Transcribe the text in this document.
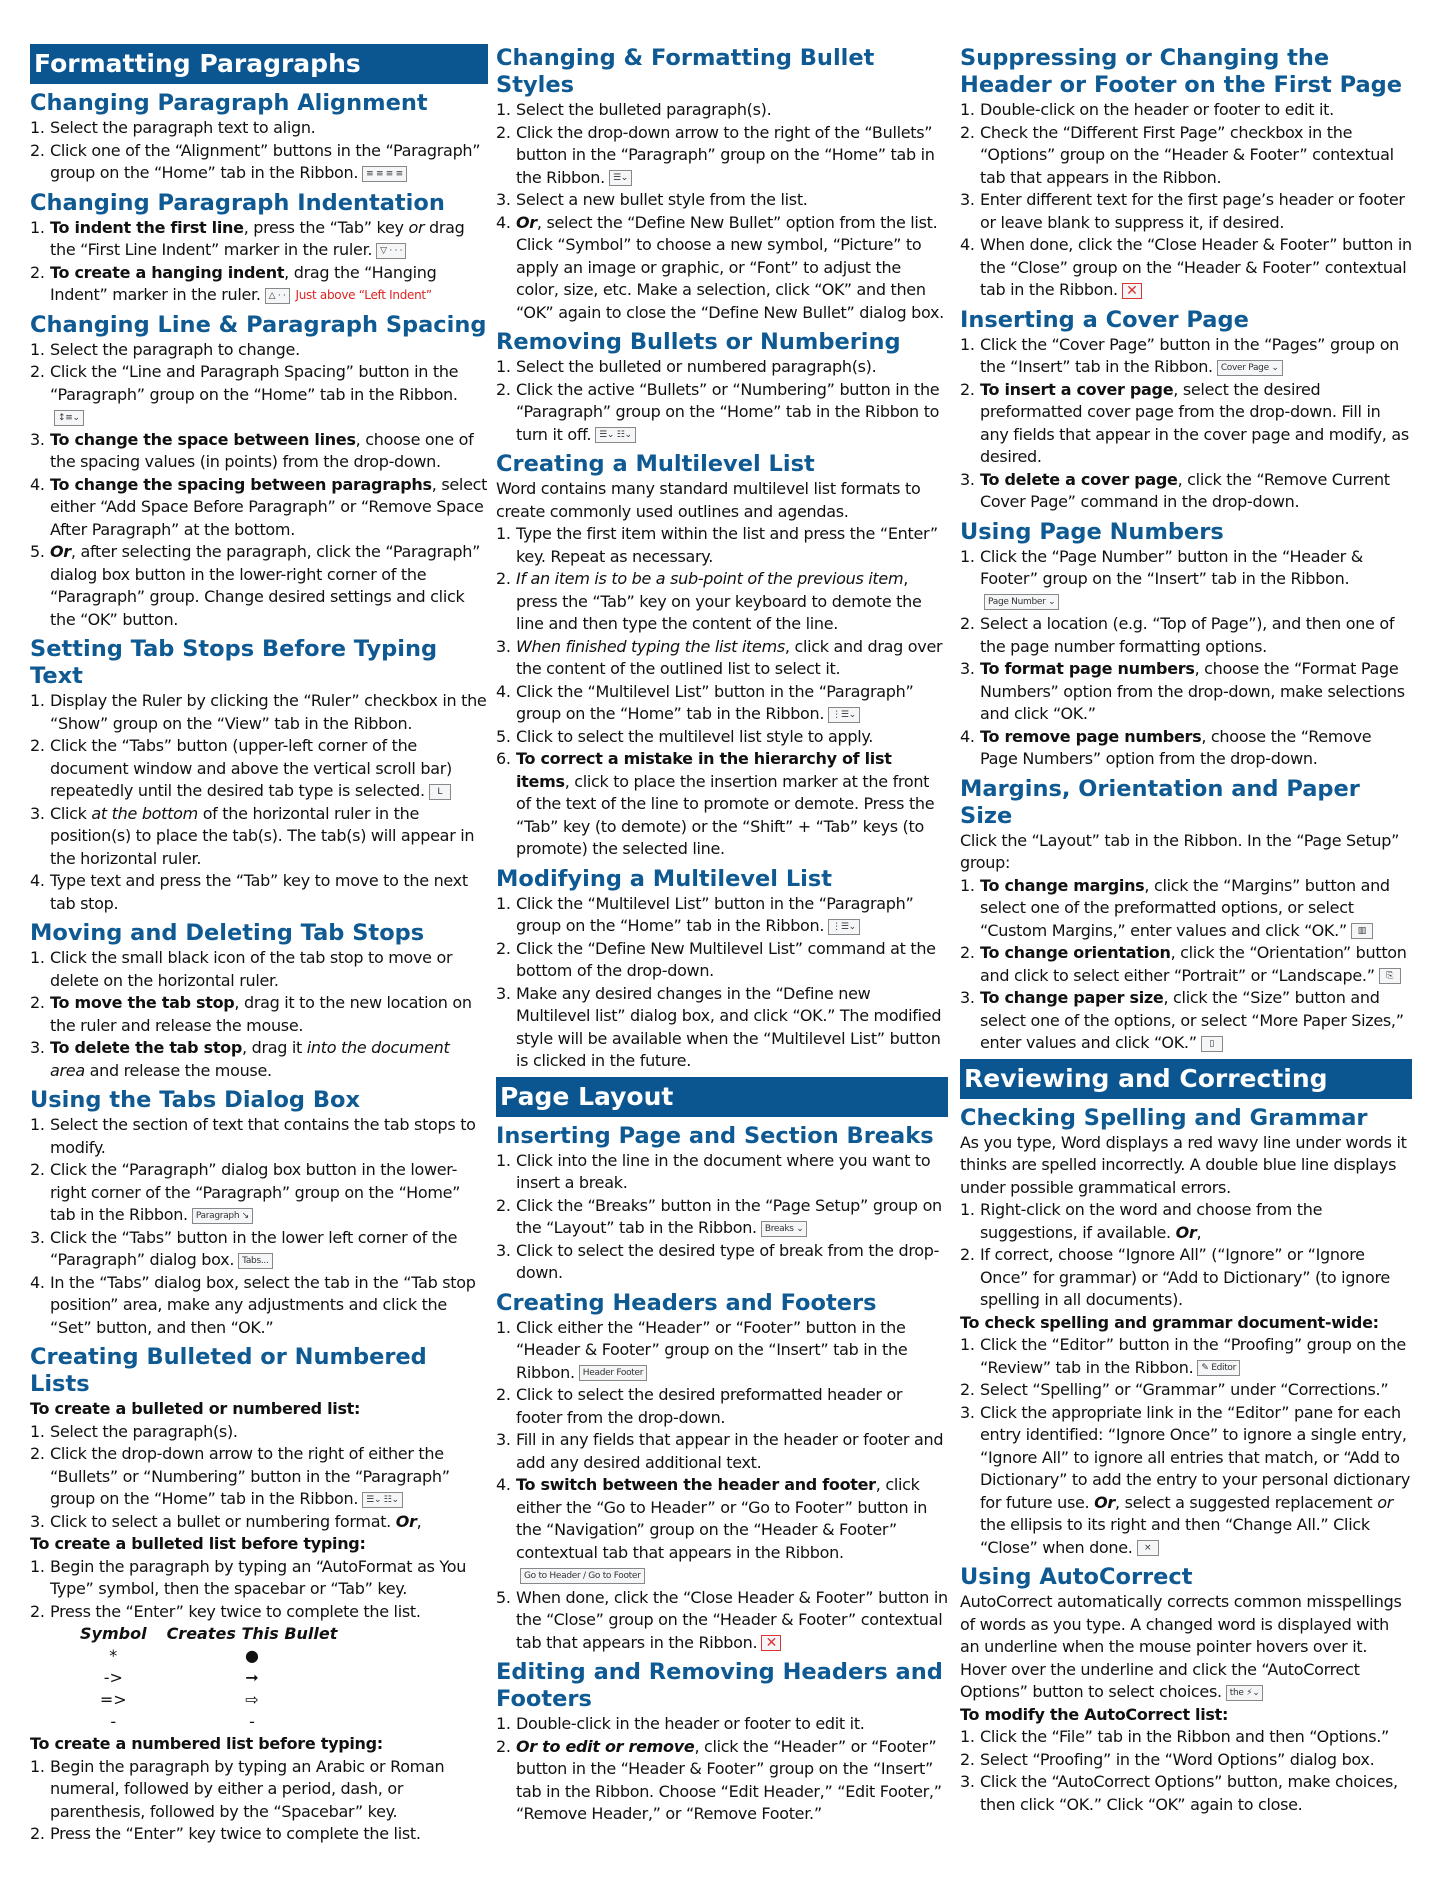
Formatting Paragraphs
Changing Paragraph Alignment
Select the paragraph text to align.
Click one of the “Alignment” buttons in the “Paragraph” group on the “Home” tab in the Ribbon. ≡ ≡ ≡ ≡
Changing Paragraph Indentation
To indent the first line, press the “Tab” key or drag the “First Line Indent” marker in the ruler. ▽ · · ·
To create a hanging indent, drag the “Hanging Indent” marker in the ruler. △ · · Just above “Left Indent”
Changing Line & Paragraph Spacing
Select the paragraph to change.
Click the “Line and Paragraph Spacing” button in the “Paragraph” group on the “Home” tab in the Ribbon.↕≡⌄
To change the space between lines, choose one of the spacing values (in points) from the drop-down.
To change the spacing between paragraphs, select either “Add Space Before Paragraph” or “Remove Space After Paragraph” at the bottom.
Or, after selecting the paragraph, click the “Paragraph” dialog box button in the lower-right corner of the “Paragraph” group. Change desired settings and click the “OK” button.
Setting Tab Stops Before Typing Text
Display the Ruler by clicking the “Ruler” checkbox in the “Show” group on the “View” tab in the Ribbon.
Click the “Tabs” button (upper-left corner of the document window and above the vertical scroll bar) repeatedly until the desired tab type is selected. L
Click at the bottom of the horizontal ruler in the position(s) to place the tab(s). The tab(s) will appear in the horizontal ruler.
Type text and press the “Tab” key to move to the next tab stop.
Moving and Deleting Tab Stops
Click the small black icon of the tab stop to move or delete on the horizontal ruler.
To move the tab stop, drag it to the new location on the ruler and release the mouse.
To delete the tab stop, drag it into the document area and release the mouse.
Using the Tabs Dialog Box
Select the section of text that contains the tab stops to modify.
Click the “Paragraph” dialog box button in the lower-right corner of the “Paragraph” group on the “Home” tab in the Ribbon. Paragraph ↘
Click the “Tabs” button in the lower left corner of the “Paragraph” dialog box. Tabs...
In the “Tabs” dialog box, select the tab in the “Tab stop position” area, make any adjustments and click the “Set” button, and then “OK.”
Creating Bulleted or Numbered Lists
To create a bulleted or numbered list:
Select the paragraph(s).
Click the drop-down arrow to the right of either the “Bullets” or “Numbering” button in the “Paragraph” group on the “Home” tab in the Ribbon. ☰⌄ ☷⌄
Click to select a bullet or numbering format. Or,
To create a bulleted list before typing:
Begin the paragraph by typing an “AutoFormat as You Type” symbol, then the spacebar or “Tab” key.
Press the “Enter” key twice to complete the list.
Symbol	Creates This Bullet
*	●
->	➞
=>	⇨
-	-
To create a numbered list before typing:
Begin the paragraph by typing an Arabic or Roman numeral, followed by either a period, dash, or parenthesis, followed by the “Spacebar” key.
Press the “Enter” key twice to complete the list.
Changing & Formatting Bullet Styles
Select the bulleted paragraph(s).
Click the drop-down arrow to the right of the “Bullets” button in the “Paragraph” group on the “Home” tab in the Ribbon. ☰⌄
Select a new bullet style from the list.
Or, select the “Define New Bullet” option from the list. Click “Symbol” to choose a new symbol, “Picture” to apply an image or graphic, or “Font” to adjust the color, size, etc. Make a selection, click “OK” and then “OK” again to close the “Define New Bullet” dialog box.
Removing Bullets or Numbering
Select the bulleted or numbered paragraph(s).
Click the active “Bullets” or “Numbering” button in the “Paragraph” group on the “Home” tab in the Ribbon to turn it off. ☰⌄ ☷⌄
Creating a Multilevel List
Word contains many standard multilevel list formats to create commonly used outlines and agendas.
Type the first item within the list and press the “Enter” key. Repeat as necessary.
If an item is to be a sub-point of the previous item, press the “Tab” key on your keyboard to demote the line and then type the content of the line.
When finished typing the list items, click and drag over the content of the outlined list to select it.
Click the “Multilevel List” button in the “Paragraph” group on the “Home” tab in the Ribbon. ⋮☰⌄
Click to select the multilevel list style to apply.
To correct a mistake in the hierarchy of list items, click to place the insertion marker at the front of the text of the line to promote or demote. Press the “Tab” key (to demote) or the “Shift” + “Tab” keys (to promote) the selected line.
Modifying a Multilevel List
Click the “Multilevel List” button in the “Paragraph” group on the “Home” tab in the Ribbon. ⋮☰⌄
Click the “Define New Multilevel List” command at the bottom of the drop-down.
Make any desired changes in the “Define new Multilevel list” dialog box, and click “OK.” The modified style will be available when the “Multilevel List” button is clicked in the future.
Page Layout
Inserting Page and Section Breaks
Click into the line in the document where you want to insert a break.
Click the “Breaks” button in the “Page Setup” group on the “Layout” tab in the Ribbon. Breaks ⌄
Click to select the desired type of break from the drop-down.
Creating Headers and Footers
Click either the “Header” or “Footer” button in the “Header & Footer” group on the “Insert” tab in the Ribbon. Header Footer
Click to select the desired preformatted header or footer from the drop-down.
Fill in any fields that appear in the header or footer and add any desired additional text.
To switch between the header and footer, click either the “Go to Header” or “Go to Footer” button in the “Navigation” group on the “Header & Footer” contextual tab that appears in the Ribbon.Go to Header / Go to Footer
When done, click the “Close Header & Footer” button in the “Close” group on the “Header & Footer” contextual tab that appears in the Ribbon. ✕
Editing and Removing Headers and Footers
Double-click in the header or footer to edit it.
Or to edit or remove, click the “Header” or “Footer” button in the “Header & Footer” group on the “Insert” tab in the Ribbon. Choose “Edit Header,” “Edit Footer,” “Remove Header,” or “Remove Footer.”
Suppressing or Changing the Header or Footer on the First Page
Double-click on the header or footer to edit it.
Check the “Different First Page” checkbox in the “Options” group on the “Header & Footer” contextual tab that appears in the Ribbon.
Enter different text for the first page’s header or footer or leave blank to suppress it, if desired.
When done, click the “Close Header & Footer” button in the “Close” group on the “Header & Footer” contextual tab in the Ribbon. ✕
Inserting a Cover Page
Click the “Cover Page” button in the “Pages” group on the “Insert” tab in the Ribbon. Cover Page ⌄
To insert a cover page, select the desired preformatted cover page from the drop-down. Fill in any fields that appear in the cover page and modify, as desired.
To delete a cover page, click the “Remove Current Cover Page” command in the drop-down.
Using Page Numbers
Click the “Page Number” button in the “Header & Footer” group on the “Insert” tab in the Ribbon.Page Number ⌄
Select a location (e.g. “Top of Page”), and then one of the page number formatting options.
To format page numbers, choose the “Format Page Numbers” option from the drop-down, make selections and click “OK.”
To remove page numbers, choose the “Remove Page Numbers” option from the drop-down.
Margins, Orientation and Paper Size
Click the “Layout” tab in the Ribbon. In the “Page Setup” group:
To change margins, click the “Margins” button and select one of the preformatted options, or select “Custom Margins,” enter values and click “OK.” ▥
To change orientation, click the “Orientation” button and click to select either “Portrait” or “Landscape.” ⎘
To change paper size, click the “Size” button and select one of the options, or select “More Paper Sizes,” enter values and click “OK.” ▯
Reviewing and Correcting
Checking Spelling and Grammar
As you type, Word displays a red wavy line under words it thinks are spelled incorrectly. A double blue line displays under possible grammatical errors.
Right-click on the word and choose from the suggestions, if available. Or,
If correct, choose “Ignore All” (“Ignore” or “Ignore Once” for grammar) or “Add to Dictionary” (to ignore spelling in all documents).
To check spelling and grammar document-wide:
Click the “Editor” button in the “Proofing” group on the “Review” tab in the Ribbon. ✎ Editor
Select “Spelling” or “Grammar” under “Corrections.”
Click the appropriate link in the “Editor” pane for each entry identified: “Ignore Once” to ignore a single entry, “Ignore All” to ignore all entries that match, or “Add to Dictionary” to add the entry to your personal dictionary for future use. Or, select a suggested replacement or the ellipsis to its right and then “Change All.” Click “Close” when done. ×
Using AutoCorrect
AutoCorrect automatically corrects common misspellings of words as you type. A changed word is displayed with an underline when the mouse pointer hovers over it. Hover over the underline and click the “AutoCorrect Options” button to select choices. the ⚡⌄
To modify the AutoCorrect list:
Click the “File” tab in the Ribbon and then “Options.”
Select “Proofing” in the “Word Options” dialog box.
Click the “AutoCorrect Options” button, make choices, then click “OK.” Click “OK” again to close.
